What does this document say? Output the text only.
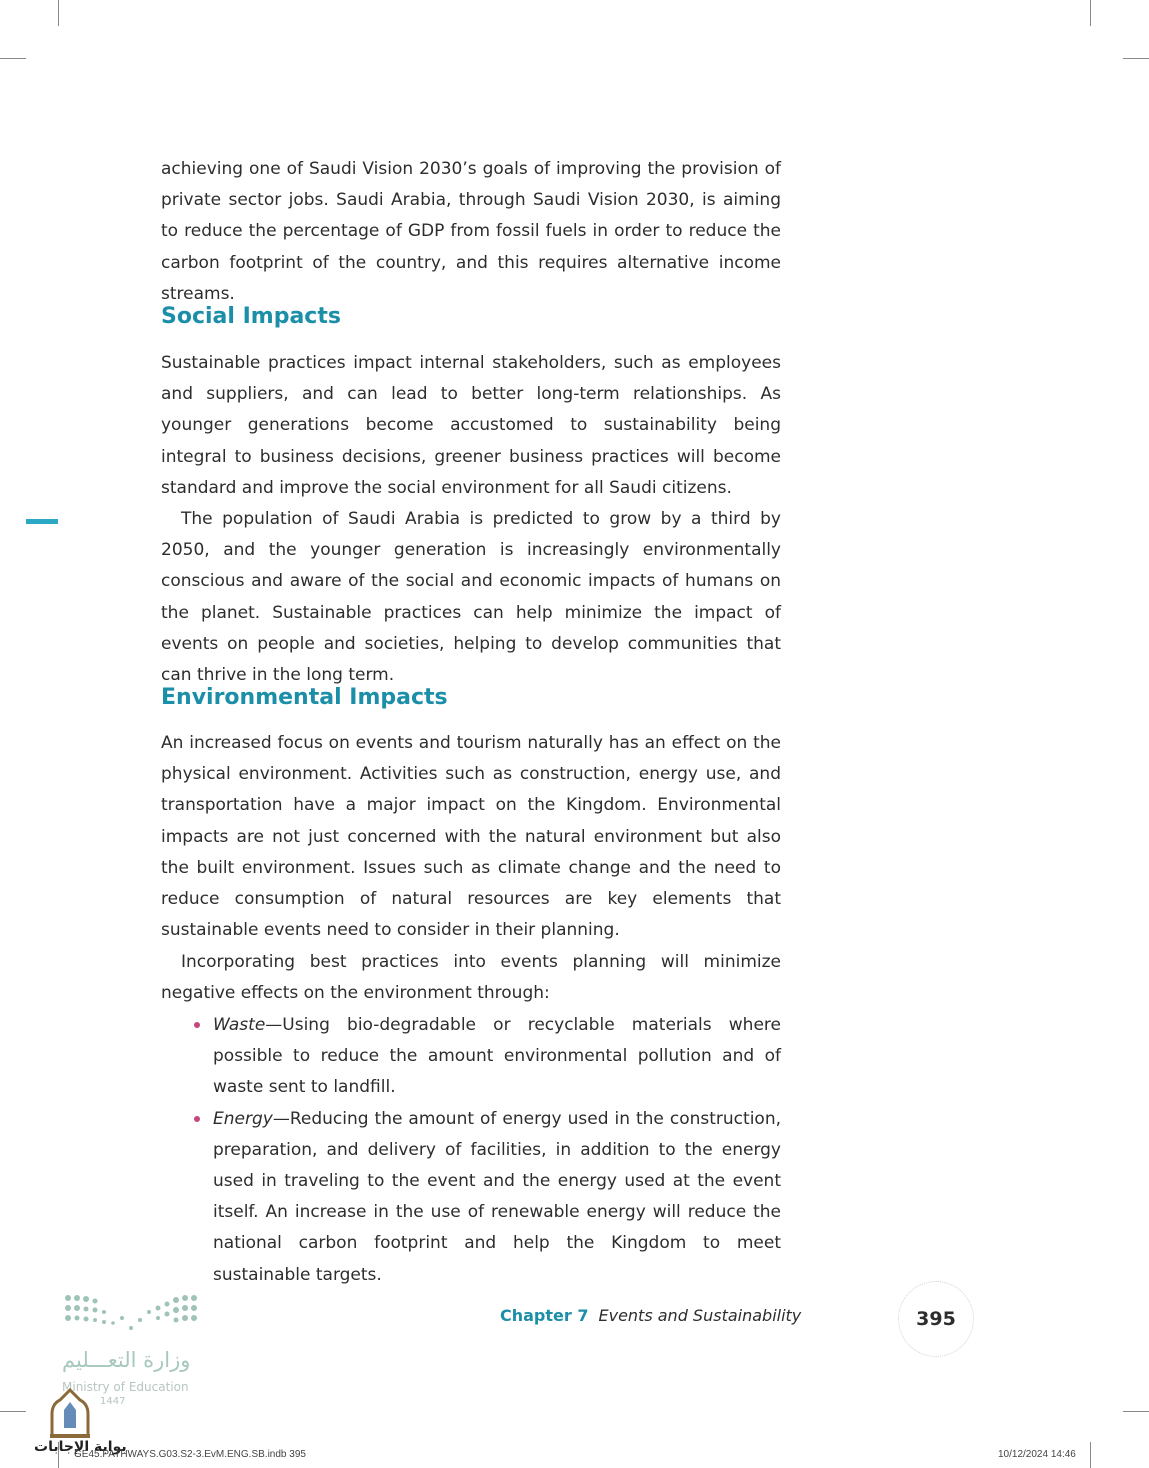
achieving one of Saudi Vision 2030’s goals of improving the provision of private sector jobs. Saudi Arabia, through Saudi Vision 2030, is aiming to reduce the percentage of GDP from fossil fuels in order to reduce the carbon footprint of the country, and this requires alternative income streams.
Social Impacts
Sustainable practices impact internal stakeholders, such as employees and suppliers, and can lead to better long-term relationships. As younger generations become accustomed to sustainability being integral to business decisions, greener business practices will become standard and improve the social environment for all Saudi citizens.
The population of Saudi Arabia is predicted to grow by a third by 2050, and the younger generation is increasingly environmentally conscious and aware of the social and economic impacts of humans on the planet. Sustainable practices can help minimize the impact of events on people and societies, helping to develop communities that can thrive in the long term.
Environmental Impacts
An increased focus on events and tourism naturally has an effect on the physical environment. Activities such as construction, energy use, and transportation have a major impact on the Kingdom. Environmental impacts are not just concerned with the natural environment but also the built environment. Issues such as climate change and the need to reduce consumption of natural resources are key elements that sustainable events need to consider in their planning.
Incorporating best practices into events planning will minimize negative effects on the environment through:
Waste—Using bio-degradable or recyclable materials where possible to reduce the amount environmental pollution and of waste sent to landfill.
Energy—Reducing the amount of energy used in the construction, preparation, and delivery of facilities, in addition to the energy used in traveling to the event and the energy used at the event itself. An increase in the use of renewable energy will reduce the national carbon footprint and help the Kingdom to meet sustainable targets.
Chapter 7 Events and Sustainability	395
وزارة التعـــليم
Ministry of Education
1447
بوابة الإجابات
GE45.PATHWAYS.G03.S2-3.EvM.ENG.SB.indb 395	10/12/2024 14:46
